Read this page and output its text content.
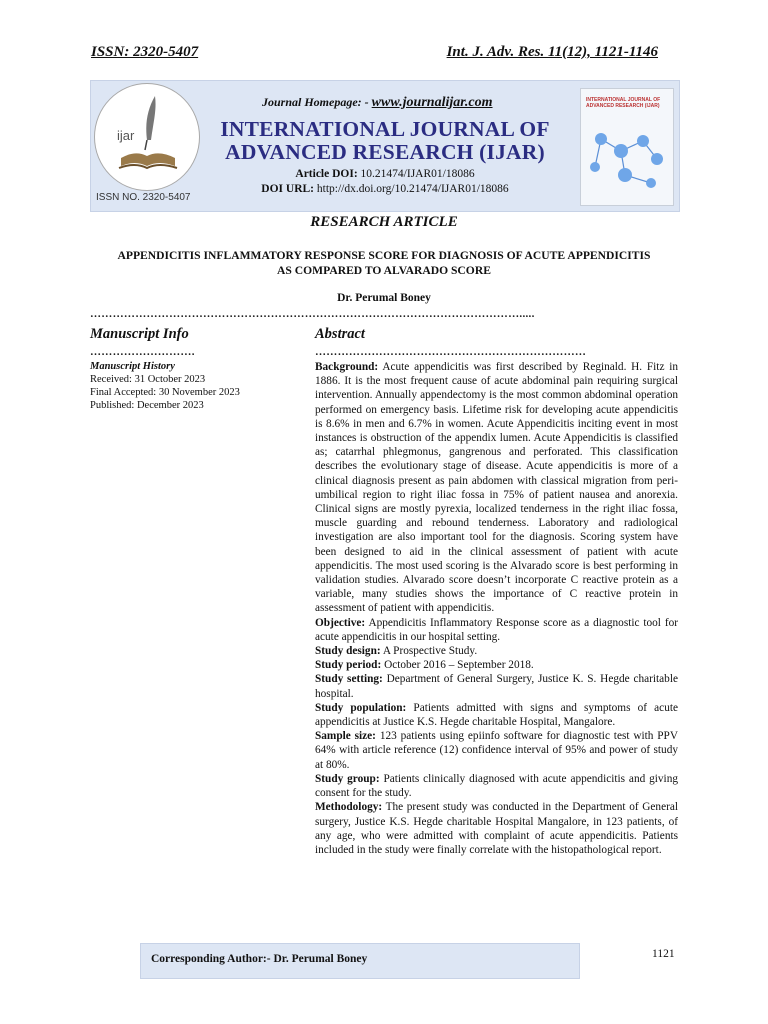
ISSN: 2320-5407	Int. J. Adv. Res. 11(12), 1121-1146
ijar
ISSN NO. 2320-5407
Journal Homepage: - www.journalijar.com
INTERNATIONAL JOURNAL OF
ADVANCED RESEARCH (IJAR)
Article DOI: 10.21474/IJAR01/18086
DOI URL: http://dx.doi.org/10.21474/IJAR01/18086
INTERNATIONAL JOURNAL OF ADVANCED RESEARCH (IJAR)
RESEARCH ARTICLE
APPENDICITIS INFLAMMATORY RESPONSE SCORE FOR DIAGNOSIS OF ACUTE APPENDICITIS
AS COMPARED TO ALVARADO SCORE
Dr. Perumal Boney
…………………………………………………………………………………………………….....
Manuscript Info	Abstract
……………………….	………………………………………………………………
Manuscript History
Received: 31 October 2023
Final Accepted: 30 November 2023
Published: December 2023

Background: Acute appendicitis was first described by Reginald. H. Fitz in 1886. It is the most frequent cause of acute abdominal pain requiring surgical intervention. Annually appendectomy is the most common abdominal operation performed on emergency basis. Lifetime risk for developing acute appendicitis is 8.6% in men and 6.7% in women. Acute Appendicitis inciting event in most instances is obstruction of the appendix lumen. Acute Appendicitis is classified as; catarrhal phlegmonus, gangrenous and perforated. This classification describes the evolutionary stage of disease. Acute appendicitis is more of a clinical diagnosis present as pain abdomen with classical migration from peri-umbilical region to right iliac fossa in 75% of patient nausea and anorexia. Clinical signs are mostly pyrexia, localized tenderness in the right iliac fossa, muscle guarding and rebound tenderness. Laboratory and radiological investigation are also important tool for the diagnosis. Scoring system have been designed to aid in the clinical assessment of patient with acute appendicitis. The most used scoring is the Alvarado score is best performing in validation studies. Alvarado score doesn’t incorporate C reactive protein as a variable, many studies shows the importance of C reactive protein in assessment of patient with appendicitis.

Objective: Appendicitis Inflammatory Response score as a diagnostic tool for acute appendicitis in our hospital setting.

Study design: A Prospective Study.

Study period: October 2016 – September 2018.

Study setting: Department of General Surgery, Justice K. S. Hegde charitable hospital.

Study population: Patients admitted with signs and symptoms of acute appendicitis at Justice K.S. Hegde charitable Hospital, Mangalore.

Sample size: 123 patients using epiinfo software for diagnostic test with PPV 64% with article reference (12) confidence interval of 95% and power of study at 80%.

Study group: Patients clinically diagnosed with acute appendicitis and giving consent for the study.

Methodology: The present study was conducted in the Department of General surgery, Justice K.S. Hegde charitable Hospital Mangalore, in 123 patients, of any age, who were admitted with complaint of acute appendicitis. Patients included in the study were finally correlate with the histopathological report.

Corresponding Author:- Dr. Perumal Boney	1121
